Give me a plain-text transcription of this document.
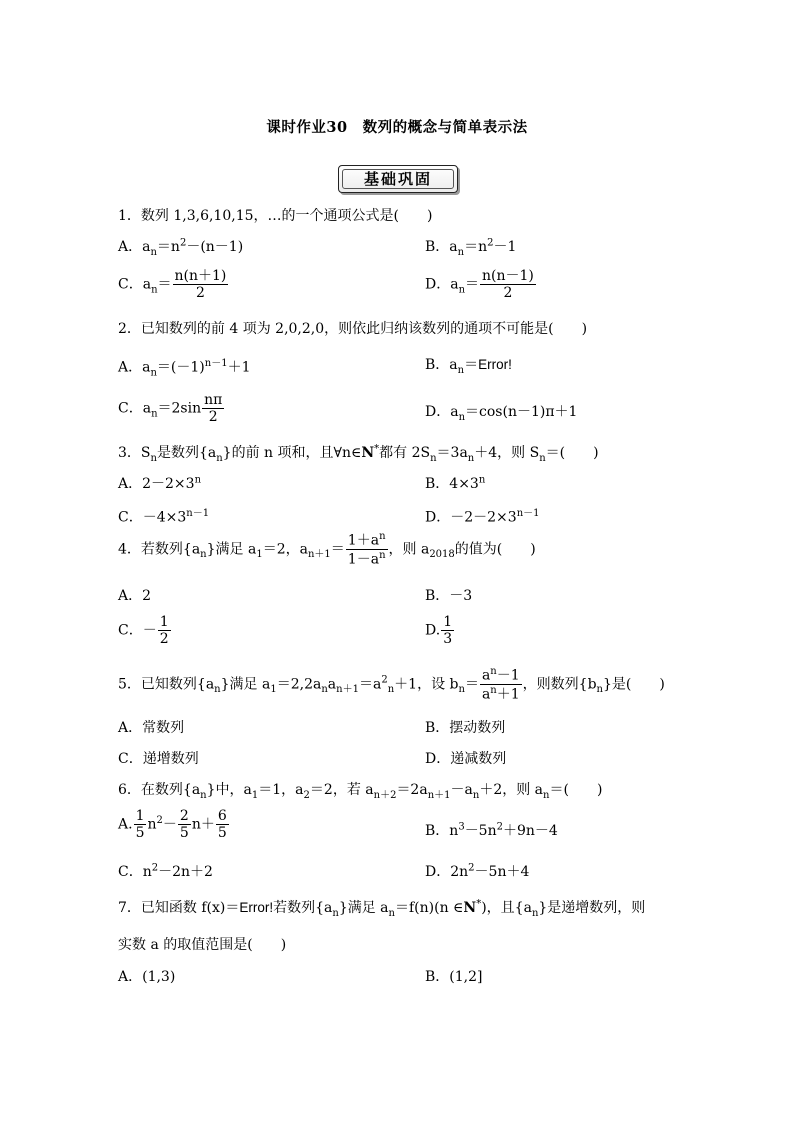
课时作业30　数列的概念与简单表示法
基础巩固
1．数列 1,3,6,10,15，…的一个通项公式是(　　)
A．$a_n=n^2-(n-1)$	B．$a_n=n^2-1$
C．$a_n= \frac{n(n+1)}{2}$	D．$a_n= \frac{n(n-1)}{2}$
2．已知数列的前 4 项为 2,0,2,0，则依此归纳该数列的通项不可能是(　　)
A．$a_n=(-1)^{n-1}+1$	B．$a_n=Error$!
C．$a_n=2\sin \frac{n\pi}{2}$	D．$a_n=\cos(n-1)\pi+1$
3．$S_n$是数列$\{a_n\}$的前 n 项和，且∀n∈N*都有 $2S_n=3a_n+4$，则 $S_n=$(　　)
A．$2-2\times 3^n$	B．$4\times 3^n$
C．$-4\times 3^{n-1}$	D．$-2-2\times 3^{n-1}$
4．若数列$\{a_n\}$满足 $a_1=2$，$a_{n+1}= \frac{1+a^n}{1-a^n}$ ，则 $a_{2018}$的值为(　　)
A．2	B．－3
C．－ $\frac{1}{2}$	D. $\frac{1}{3}$
5．已知数列$\{a_n\}$满足 $a_1=2,2a_na_{n+1}=a^2_n+1$，设 $b_n= \frac{a^n-1}{a^n+1}$ ，则数列$\{b_n\}$是(　　)
A．常数列	B．摆动数列
C．递增数列	D．递减数列
6．在数列$\{a_n\}$中，$a_1=1$，$a_2=2$，若 $a_{n+2}=2a_{n+1}-a_n+2$，则 $a_n=$(　　)
A. $\frac{1}{5} n^2- \frac{2}{5} n+ \frac{6}{5}$	B．$n^3-5n^2+9n-4$
C．$n^2-2n+2$	D．$2n^2-5n+4$
7．已知函数 f(x)＝Error!若数列$\{a_n\}$满足 $a_n=f(n)(n$ ∈N*)，且$\{a_n\}$是递增数列，则
实数 a 的取值范围是(　　)
A．(1,3)	B．(1,2]
